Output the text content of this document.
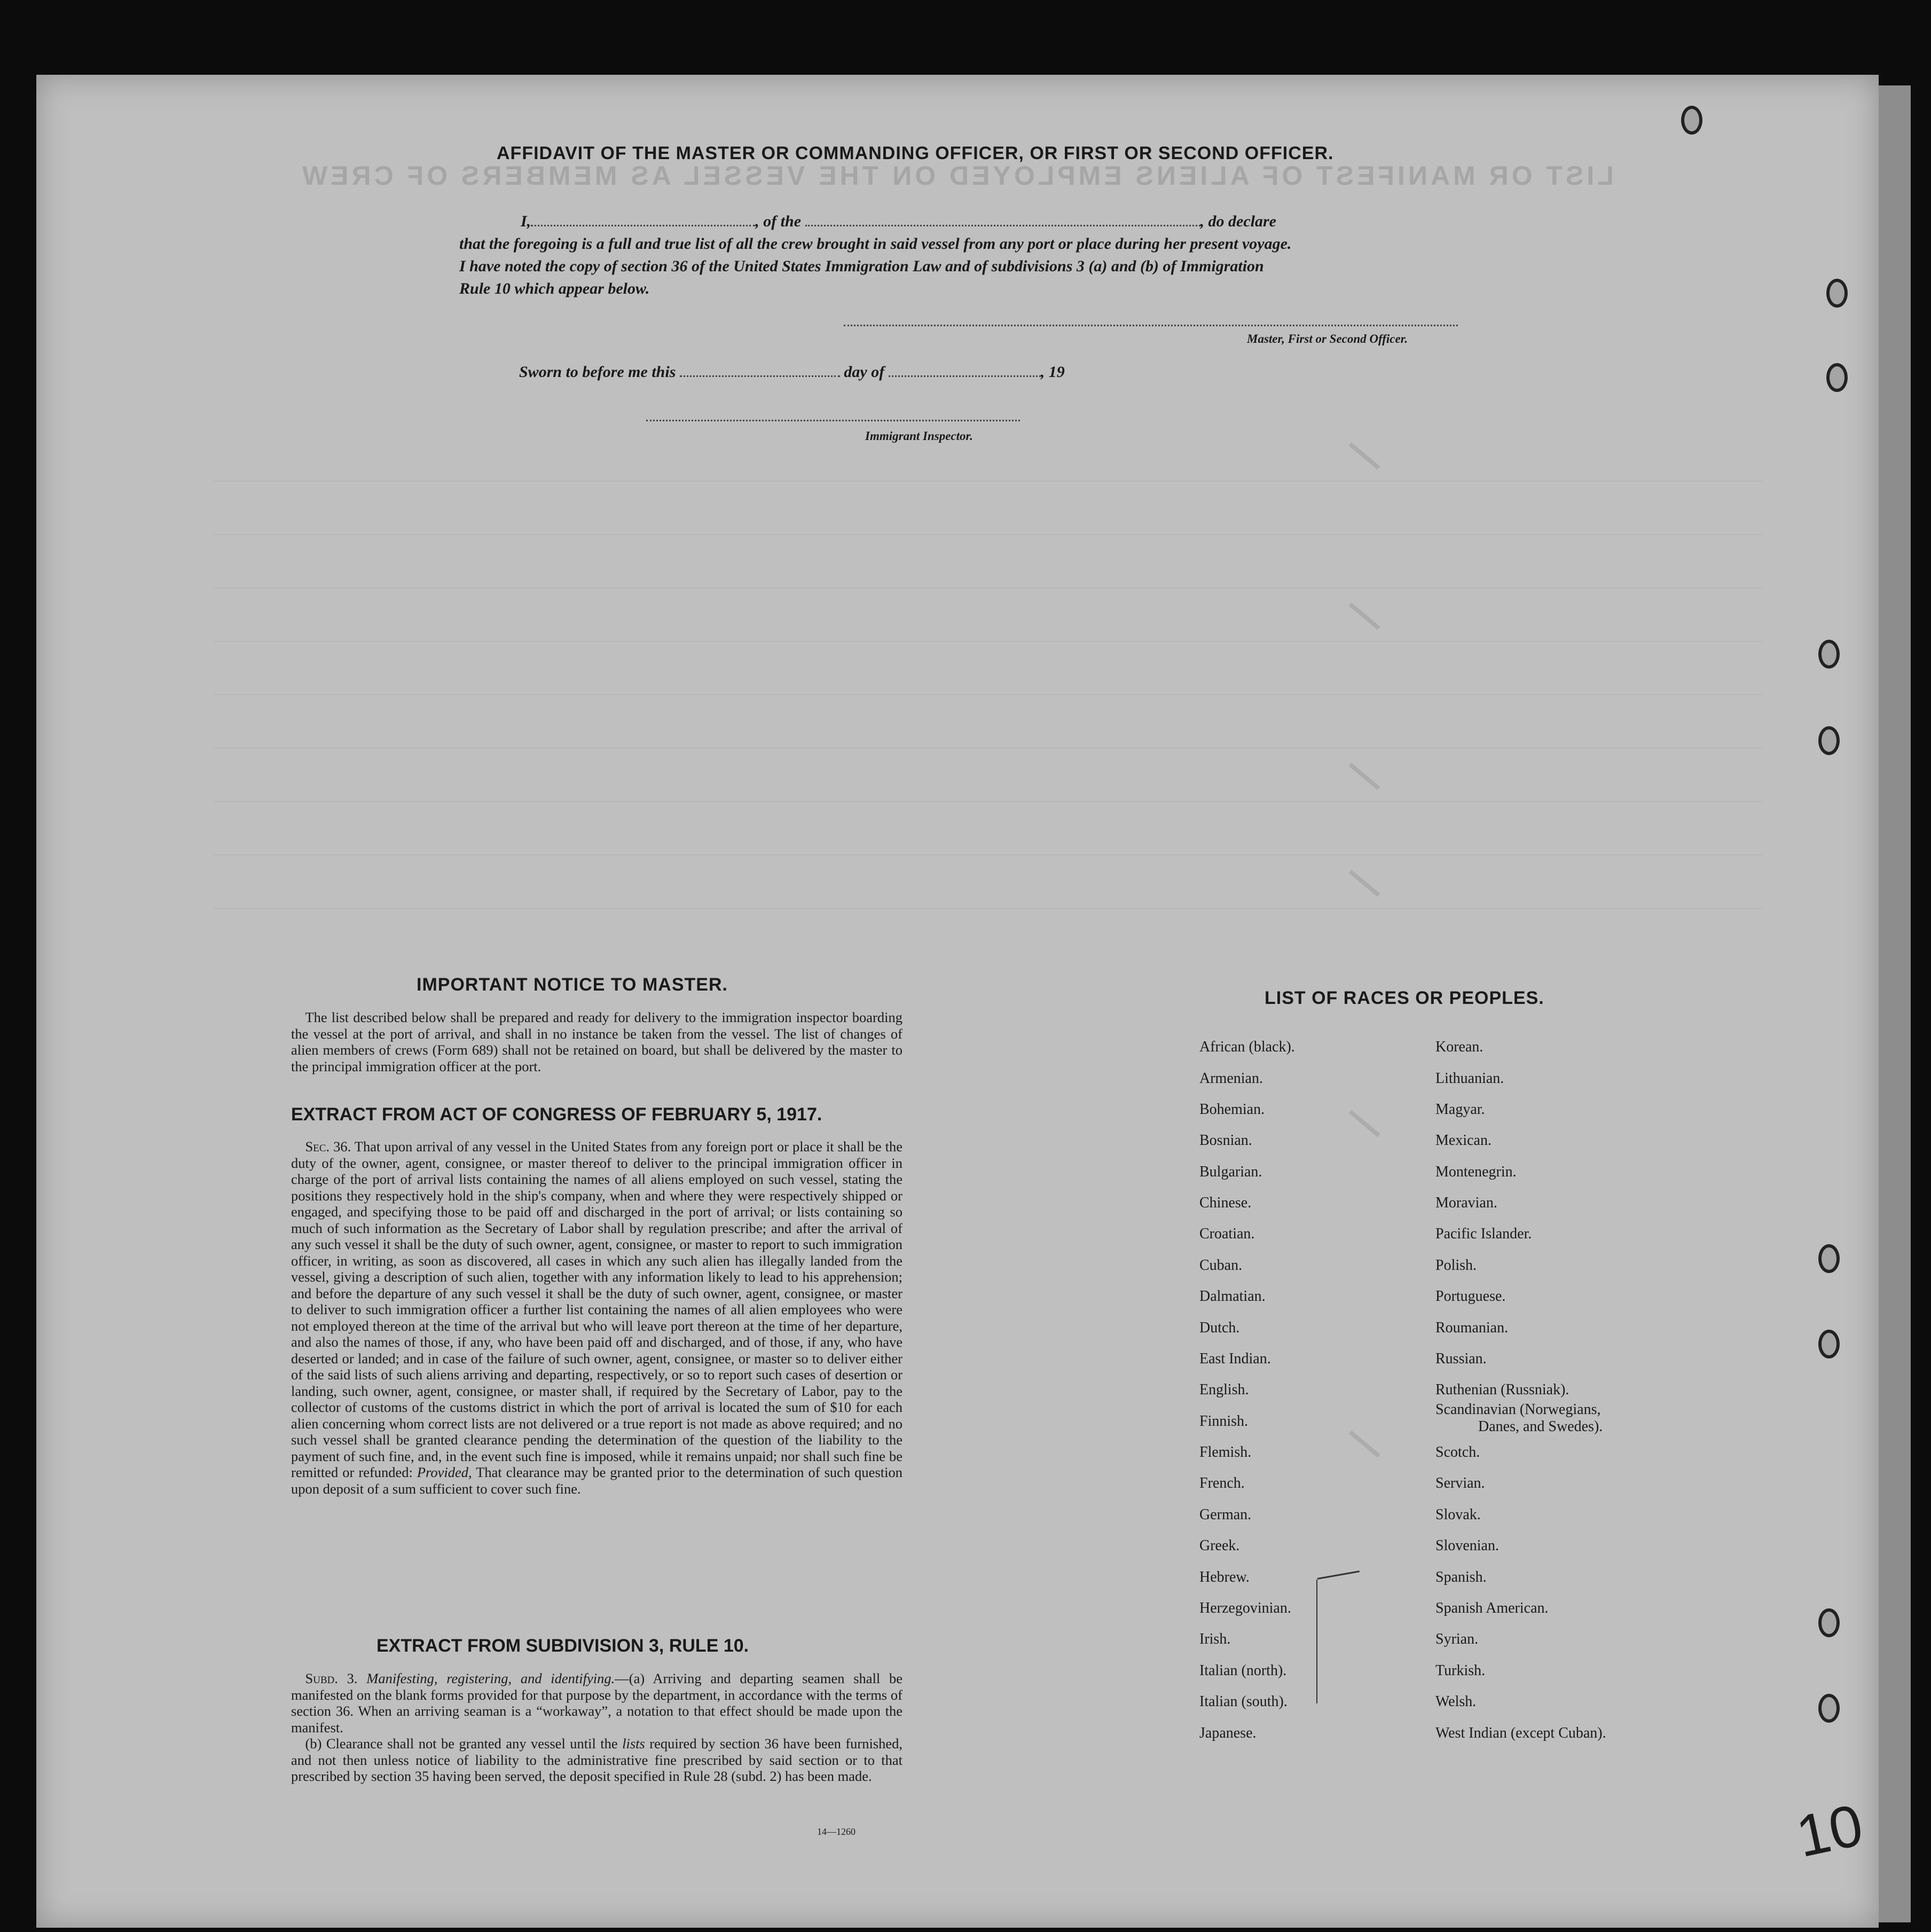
LIST OR MANIFEST OF ALIENS EMPLOYED ON THE VESSEL AS MEMBERS OF CREW
AFFIDAVIT OF THE MASTER OR COMMANDING OFFICER, OR FIRST OR SECOND OFFICER.
I,	, of the	, do declare
that the foregoing is a full and true list of all the crew brought in said vessel from any port or place during her present voyage.
I have noted the copy of section 36 of the United States Immigration Law and of subdivisions 3 (a) and (b) of Immigration
Rule 10 which appear below.
Master, First or Second Officer.
Sworn to before me this	day of	, 19
Immigrant Inspector.
IMPORTANT NOTICE TO MASTER.
 The list described below shall be prepared and ready for delivery to the immigration inspector boarding the vessel at the port of arrival, and shall in no instance be taken from the vessel. The list of changes of alien members of crews (Form 689) shall not be retained on board, but shall be delivered by the master to the principal immigration officer at the port.
EXTRACT FROM ACT OF CONGRESS OF FEBRUARY 5, 1917.
 Sec. 36. That upon arrival of any vessel in the United States from any foreign port or place it shall be the duty of the owner, agent, consignee, or master thereof to deliver to the principal immigration officer in charge of the port of arrival lists containing the names of all aliens employed on such vessel, stating the positions they respectively hold in the ship's company, when and where they were respectively shipped or engaged, and specifying those to be paid off and discharged in the port of arrival; or lists containing so much of such information as the Secretary of Labor shall by regulation prescribe; and after the arrival of any such vessel it shall be the duty of such owner, agent, consignee, or master to report to such immigration officer, in writing, as soon as discovered, all cases in which any such alien has illegally landed from the vessel, giving a description of such alien, together with any information likely to lead to his apprehension; and before the departure of any such vessel it shall be the duty of such owner, agent, consignee, or master to deliver to such immigration officer a further list containing the names of all alien employees who were not employed thereon at the time of the arrival but who will leave port thereon at the time of her departure, and also the names of those, if any, who have been paid off and discharged, and of those, if any, who have deserted or landed; and in case of the failure of such owner, agent, consignee, or master so to deliver either of the said lists of such aliens arriving and departing, respectively, or so to report such cases of desertion or landing, such owner, agent, consignee, or master shall, if required by the Secretary of Labor, pay to the collector of customs of the customs district in which the port of arrival is located the sum of $10 for each alien concerning whom correct lists are not delivered or a true report is not made as above required; and no such vessel shall be granted clearance pending the determination of the question of the liability to the payment of such fine, and, in the event such fine is imposed, while it remains unpaid; nor shall such fine be remitted or refunded: Provided, That clearance may be granted prior to the determination of such question upon deposit of a sum sufficient to cover such fine.
EXTRACT FROM SUBDIVISION 3, RULE 10.
 Subd. 3. Manifesting, registering, and identifying.—(a) Arriving and departing seamen shall be manifested on the blank forms provided for that purpose by the department, in accordance with the terms of section 36. When an arriving seaman is a “workaway”, a notation to that effect should be made upon the manifest.
 (b) Clearance shall not be granted any vessel until the lists required by section 36 have been furnished, and not then unless notice of liability to the administrative fine prescribed by said section or to that prescribed by section 35 having been served, the deposit specified in Rule 28 (subd. 2) has been made.
14—1260
LIST OF RACES OR PEOPLES.
African (black).
Armenian.
Bohemian.
Bosnian.
Bulgarian.
Chinese.
Croatian.
Cuban.
Dalmatian.
Dutch.
East Indian.
English.
Finnish.
Flemish.
French.
German.
Greek.
Hebrew.
Herzegovinian.
Irish.
Italian (north).
Italian (south).
Japanese.
Korean.
Lithuanian.
Magyar.
Mexican.
Montenegrin.
Moravian.
Pacific Islander.
Polish.
Portuguese.
Roumanian.
Russian.
Ruthenian (Russniak).
Scandinavian (Norwegians,
Danes, and Swedes).
Scotch.
Servian.
Slovak.
Slovenian.
Spanish.
Spanish American.
Syrian.
Turkish.
Welsh.
West Indian (except Cuban).
10
